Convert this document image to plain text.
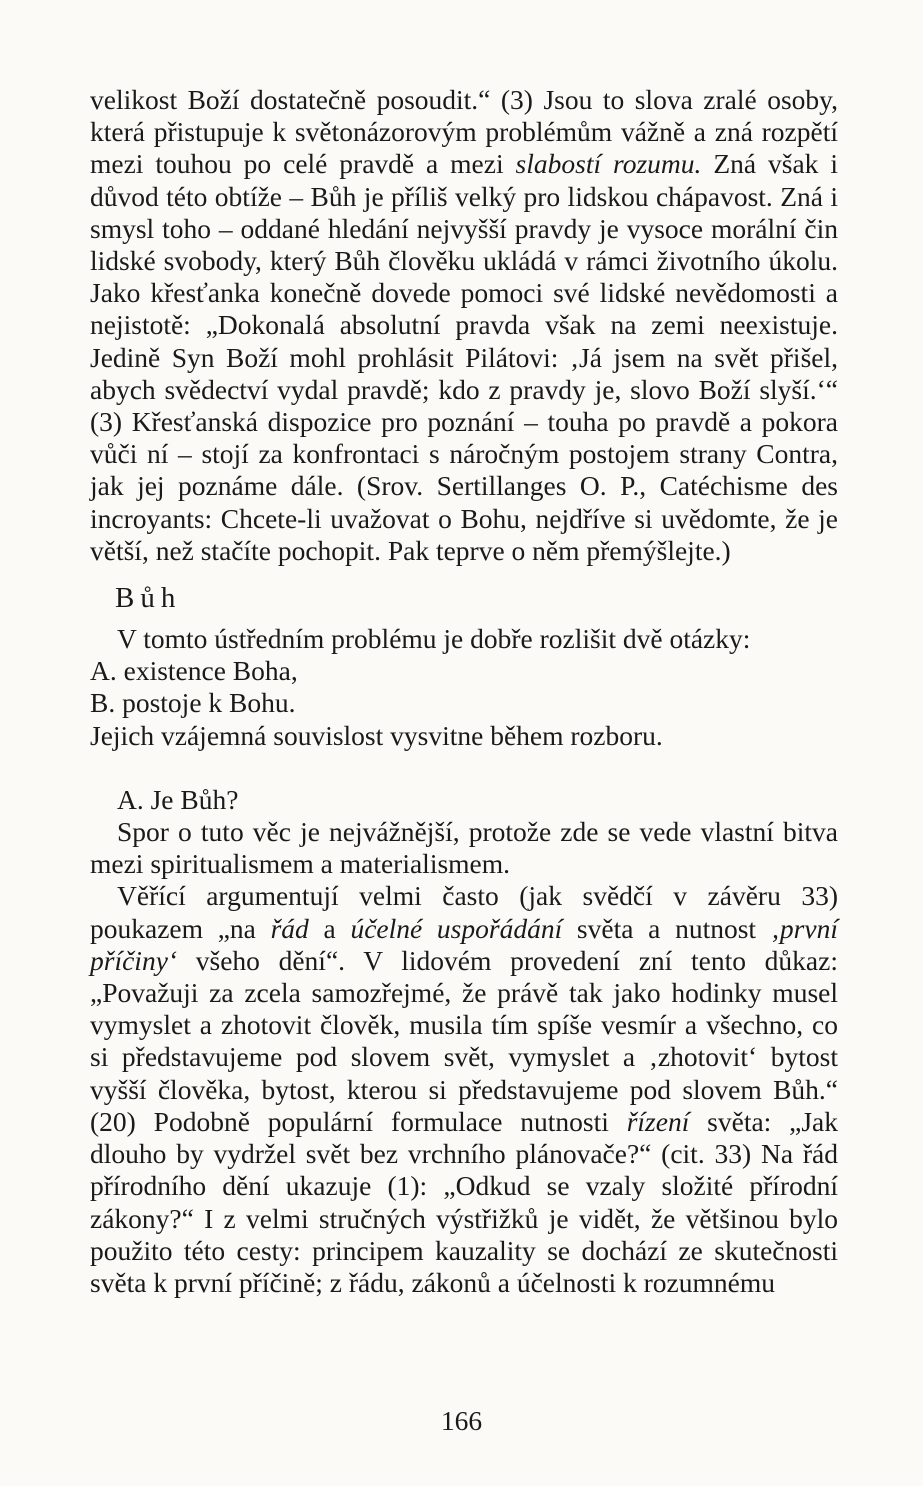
velikost Boží dostatečně posoudit.“ (3) Jsou to slova zralé osoby, která přistupuje k světonázorovým problémům vážně a zná rozpětí mezi touhou po celé pravdě a mezi slabostí rozumu. Zná však i důvod této obtíže – Bůh je příliš velký pro lidskou chápavost. Zná i smysl toho – oddané hledání nejvyšší pravdy je vysoce morální čin lidské svobody, který Bůh člověku ukládá v rámci životního úkolu. Jako křesťanka konečně dovede pomoci své lidské nevědomosti a nejistotě: „Dokonalá absolutní pravda však na zemi neexistuje. Jedině Syn Boží mohl prohlásit Pilátovi: ‚Já jsem na svět přišel, abych svědectví vydal pravdě; kdo z pravdy je, slovo Boží slyší.‘“ (3) Křesťanská dispozice pro poznání – touha po pravdě a pokora vůči ní – stojí za konfrontaci s náročným postojem strany Contra, jak jej poznáme dále. (Srov. Sertillanges O. P., Catéchisme des incroyants: Chcete-li uvažovat o Bohu, nejdříve si uvědomte, že je větší, než stačíte pochopit. Pak teprve o něm přemýšlejte.)

Bůh

V tomto ústředním problému je dobře rozlišit dvě otázky:

A. existence Boha,

B. postoje k Bohu.

Jejich vzájemná souvislost vysvitne během rozboru.

A. Je Bůh?

Spor o tuto věc je nejvážnější, protože zde se vede vlastní bitva mezi spiritualismem a materialismem.

Věřící argumentují velmi často (jak svědčí v závěru 33) poukazem „na řád a účelné uspořádání světa a nutnost ‚první příčiny‘ všeho dění“. V lidovém provedení zní tento důkaz: „Považuji za zcela samozřejmé, že právě tak jako hodinky musel vymyslet a zhotovit člověk, musila tím spíše vesmír a všechno, co si představujeme pod slovem svět, vymyslet a ‚zhotovit‘ bytost vyšší člověka, bytost, kterou si představujeme pod slovem Bůh.“ (20) Podobně populární formulace nutnosti řízení světa: „Jak dlouho by vydržel svět bez vrchního plánovače?“ (cit. 33) Na řád přírodního dění ukazuje (1): „Odkud se vzaly složité přírodní zákony?“ I z velmi stručných výstřižků je vidět, že většinou bylo použito této cesty: principem kauzality se dochází ze skutečnosti světa k první příčině; z řádu, zákonů a účelnosti k rozumnému

166
